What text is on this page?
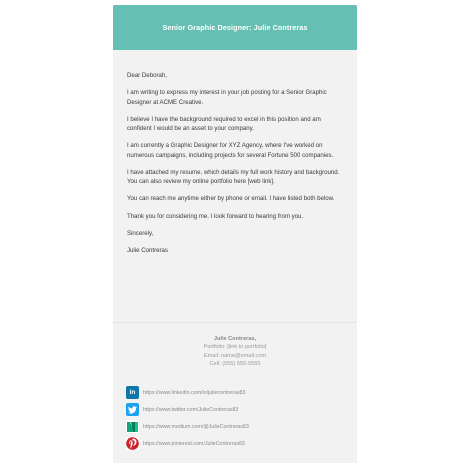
Senior Graphic Designer: Julie Contreras

Dear Deborah,

I am writing to express my interest in your job posting for a Senior Graphic Designer at ACME Creative.

I believe I have the background required to excel in this position and am confident I would be an asset to your company.

I am currently a Graphic Designer for XYZ Agency, where I've worked on numerous campaigns, including projects for several Fortune 500 companies.

I have attached my resume, which details my full work history and background. You can also review my online portfolio here [web link].

You can reach me anytime either by phone or email. I have listed both below.

Thank you for considering me. I look forward to hearing from you.

Sincerely,

Julie Contreras

Julie Contreras,
Portfolio: [link to portfolio]
Email: name@email.com
Cell: (555) 555-5555
in	https://www.linkedin.com/in/juliecontreras83
https://www.twitter.com/JulieContreras83
https://www.medium.com/@JulieContreras83
https://www.pinterest.com/JulieContreras83
